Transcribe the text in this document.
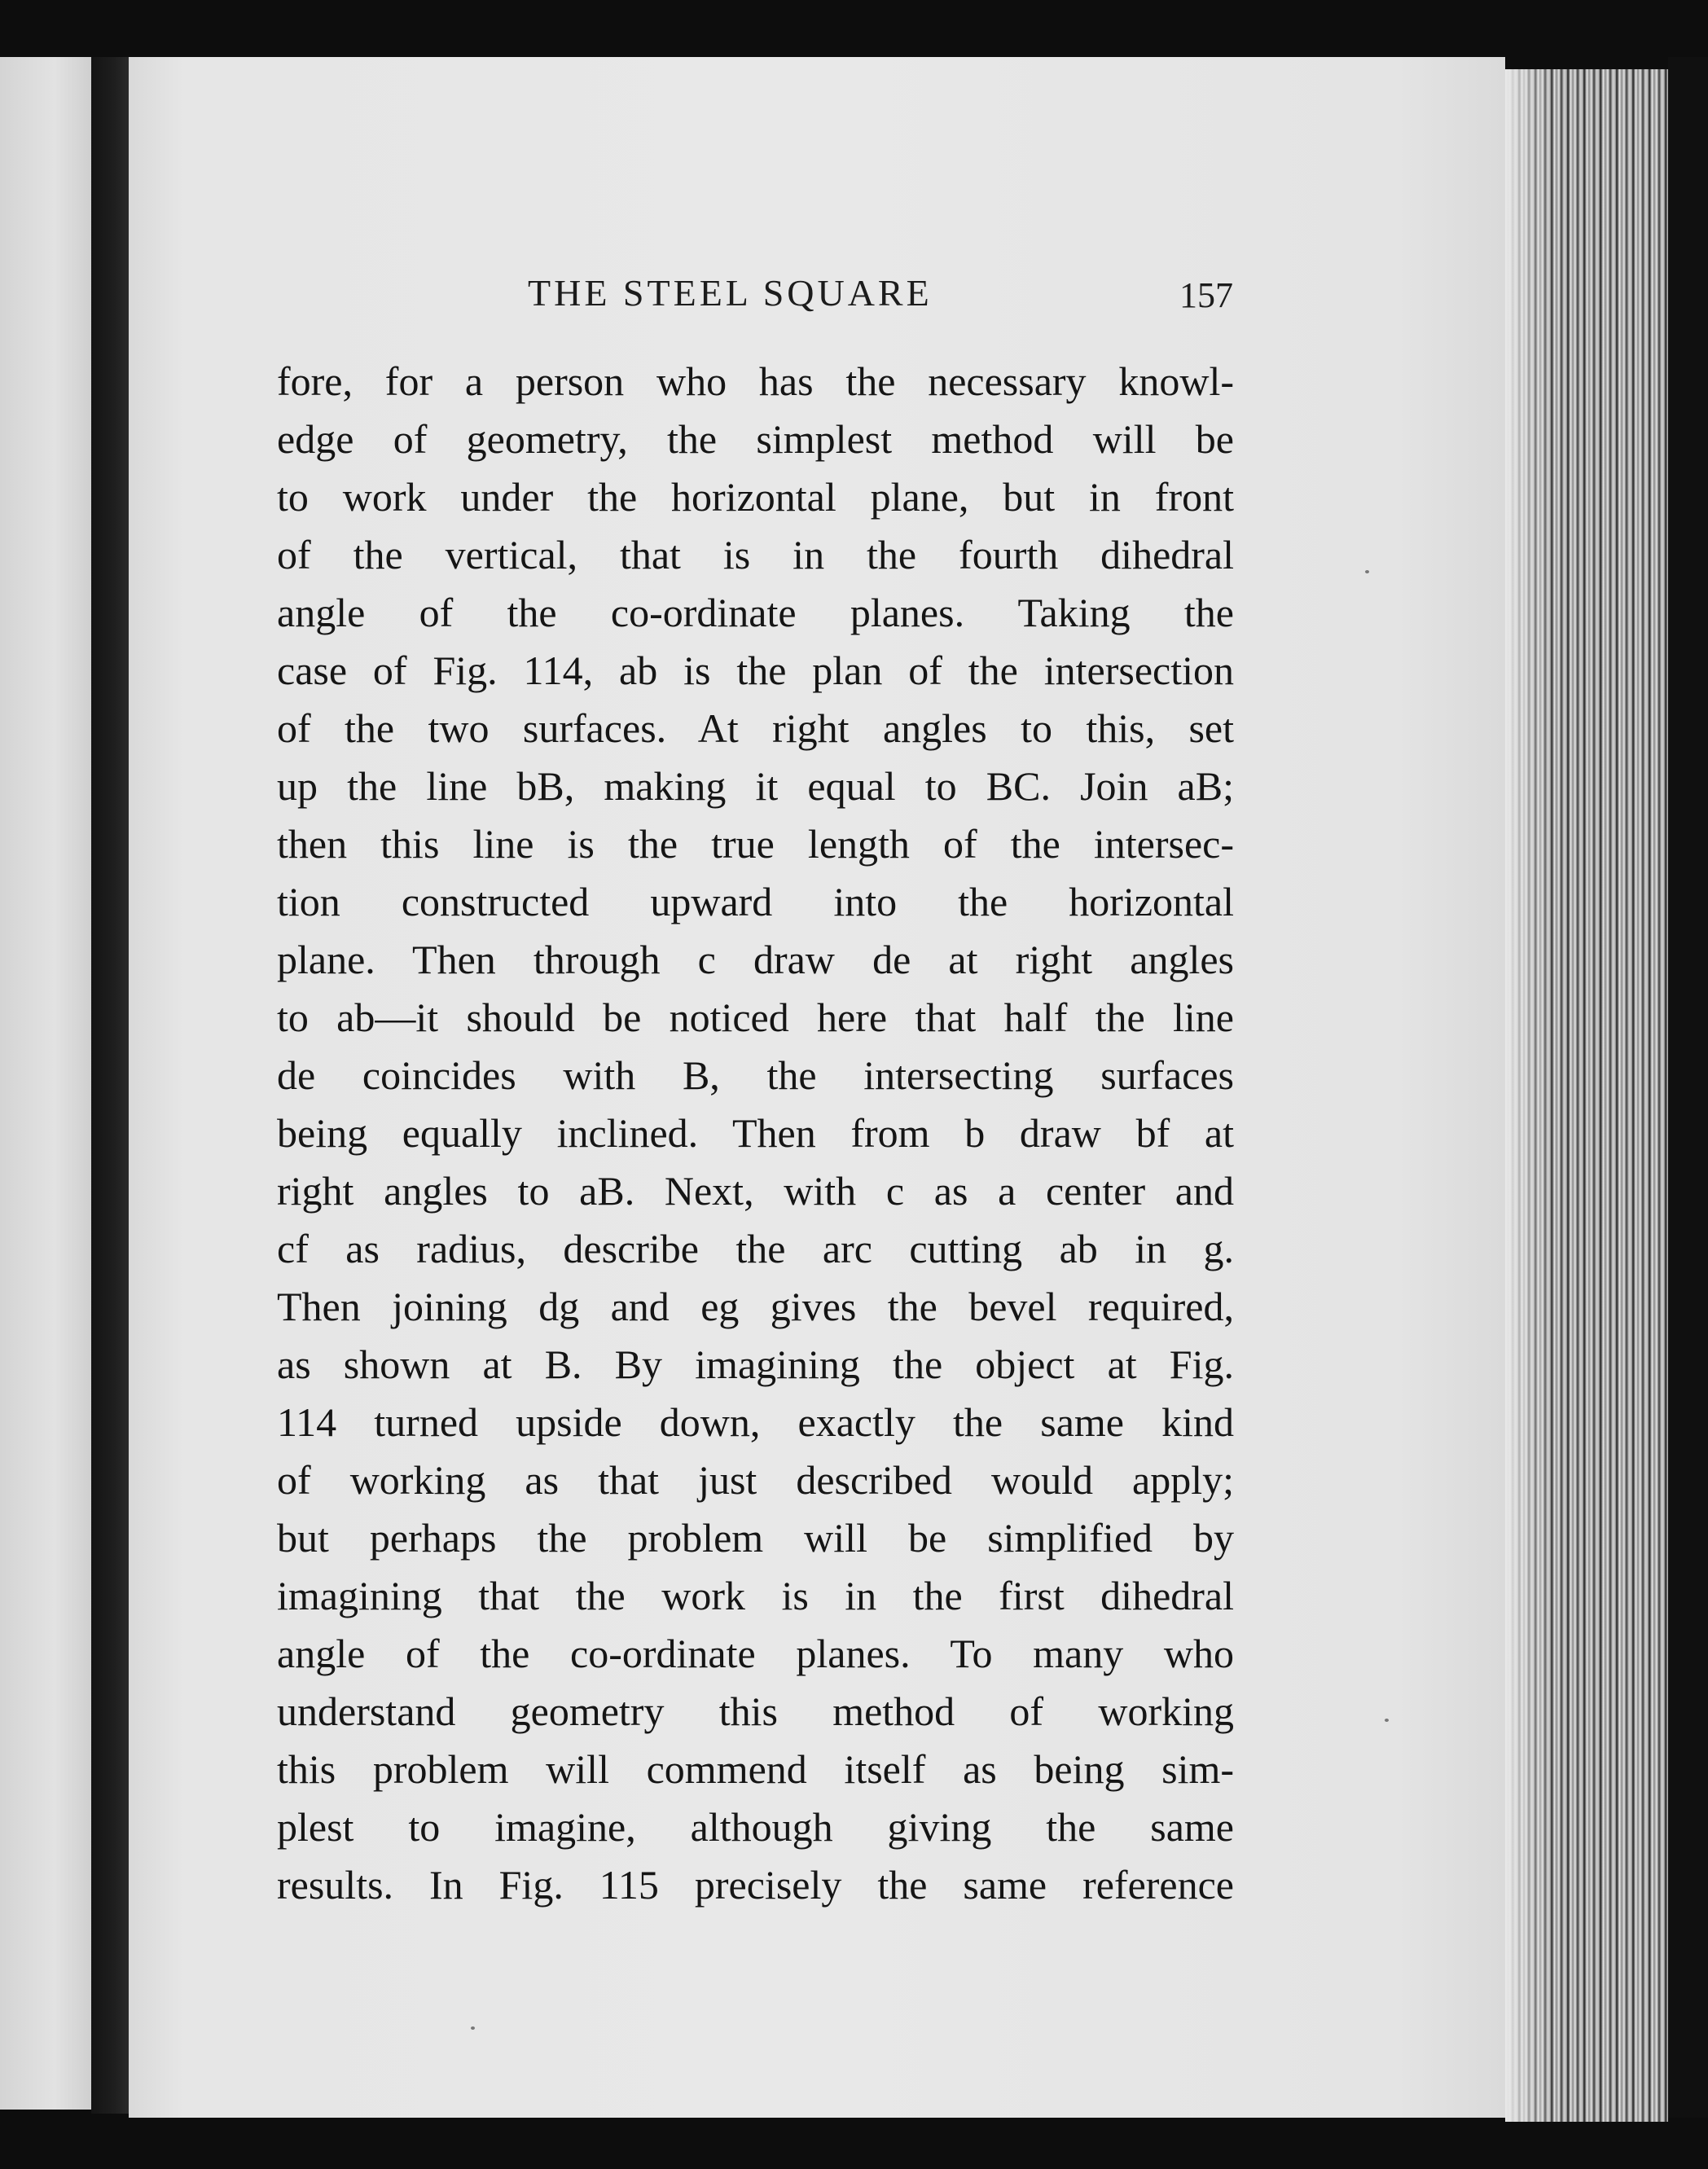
THE STEEL SQUARE	157
fore, for a person who has the necessary knowl-
edge of geometry, the simplest method will be
to work under the horizontal plane, but in front
of the vertical, that is in the fourth dihedral
angle of the co-ordinate planes. Taking the
case of Fig. 114, ab is the plan of the intersection
of the two surfaces. At right angles to this, set
up the line bB, making it equal to BC. Join aB;
then this line is the true length of the intersec-
tion constructed upward into the horizontal
plane. Then through c draw de at right angles
to ab—it should be noticed here that half the line
de coincides with B, the intersecting surfaces
being equally inclined. Then from b draw bf at
right angles to aB. Next, with c as a center and
cf as radius, describe the arc cutting ab in g.
Then joining dg and eg gives the bevel required,
as shown at B. By imagining the object at Fig.
114 turned upside down, exactly the same kind
of working as that just described would apply;
but perhaps the problem will be simplified by
imagining that the work is in the first dihedral
angle of the co-ordinate planes. To many who
understand geometry this method of working
this problem will commend itself as being sim-
plest to imagine, although giving the same
results. In Fig. 115 precisely the same reference
